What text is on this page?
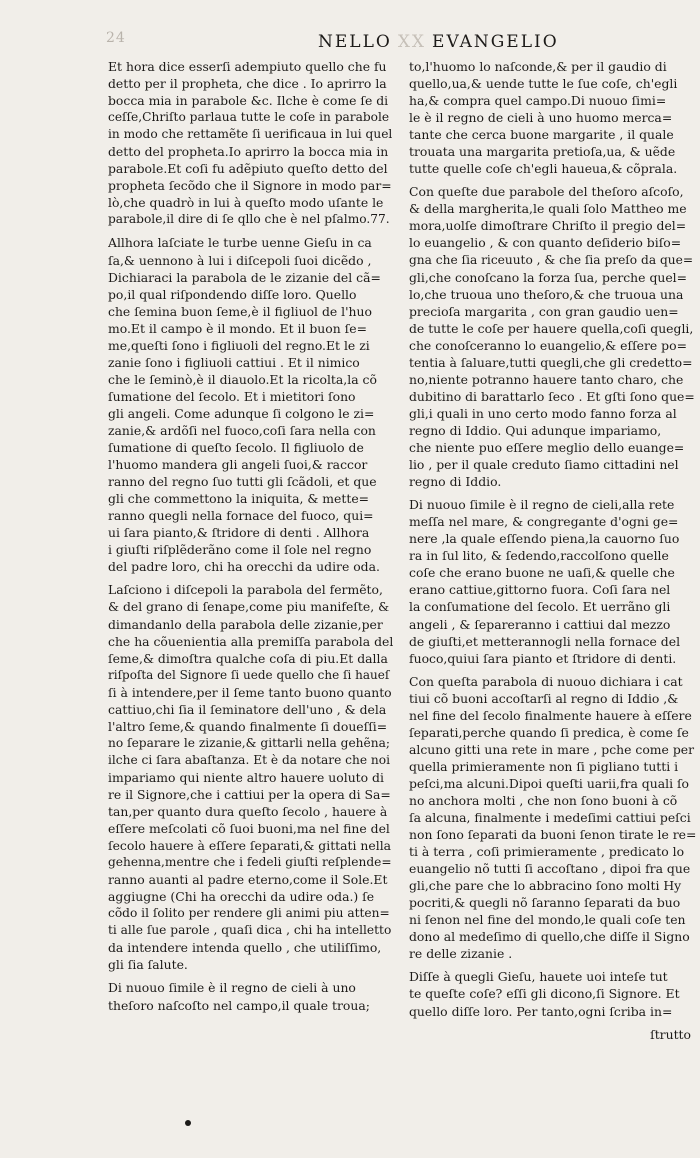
24	NELLO XX EVANGELIO
Et hora dice esserſi adempiuto quello che fu
detto per il propheta, che dice . Io aprirro la
bocca mia in parabole &c. Ilche è come ſe di
ceſſe,Chriſto parlaua tutte le coſe in parabole
in modo che rettamẽte ſi uerificaua in lui quel
detto del propheta.Io aprirro la bocca mia in
parabole.Et coſi fu adẽpiuto queſto detto del
propheta ſecõdo che il Signore in modo par=
lò,che quadrò in lui à queſto modo uſante le
parabole,il dire di ſe qllo che è nel pſalmo.77.
Allhora laſciate le turbe uenne Gieſu in ca
ſa,& uennono à lui i diſcepoli ſuoi dicẽdo ,
Dichiaraci la parabola de le zizanie del cã=
po,il qual riſpondendo diſſe loro. Quello
che ſemina buon ſeme,è il figliuol de l'huo
mo.Et il campo è il mondo. Et il buon ſe=
me,queſti ſono i figliuoli del regno.Et le zi
zanie ſono i figliuoli cattiui . Et il nimico
che le ſeminò,è il diauolo.Et la ricolta,la cõ
ſumatione del ſecolo. Et i mietitori ſono
gli angeli. Come adunque ſi colgono le zi=
zanie,& ardõſi nel fuoco,coſi ſara nella con
ſumatione di queſto ſecolo. Il figliuolo de
l'huomo mandera gli angeli ſuoi,& raccor
ranno del regno ſuo tutti gli ſcãdoli, et que
gli che commettono la iniquita, & mette=
ranno quegli nella fornace del fuoco, qui=
ui ſara pianto,& ſtridore di denti . Allhora
i giuſti riſplẽderãno come il ſole nel regno
del padre loro, chi ha orecchi da udire oda.
Laſciono i diſcepoli la parabola del fermẽto,
& del grano di ſenape,come piu manifeſte, &
dimandanlo della parabola delle zizanie,per
che ha cõuenientia alla premiſſa parabola del
ſeme,& dimoſtra qualche coſa di piu.Et dalla
riſpoſta del Signore ſi uede quello che ſi haueſ
ſi à intendere,per il ſeme tanto buono quanto
cattiuo,chi ſia il ſeminatore dell'uno , & dela
l'altro ſeme,& quando finalmente ſi doueſſi=
no ſeparare le zizanie,& gittarli nella gehẽna;
ilche ci ſara abaſtanza. Et è da notare che noi
impariamo qui niente altro hauere uoluto di
re il Signore,che i cattiui per la opera di Sa=
tan,per quanto dura queſto ſecolo , hauere à
eſſere meſcolati cõ ſuoi buoni,ma nel fine del
ſecolo hauere à eſſere ſeparati,& gittati nella
gehenna,mentre che i fedeli giuſti reſplende=
ranno auanti al padre eterno,come il Sole.Et
aggiugne (Chi ha orecchi da udire oda.) ſe
cõdo il ſolito per rendere gli animi piu atten=
ti alle ſue parole , quaſi dica , chi ha intelletto
da intendere intenda quello , che utiliſſimo,
gli ſia ſalute.
Di nuouo ſimile è il regno de cieli à uno
theſoro naſcoſto nel campo,il quale troua;
to,l'huomo lo naſconde,& per il gaudio di
quello,ua,& uende tutte le ſue coſe, ch'egli
ha,& compra quel campo.Di nuouo ſimi=
le è il regno de cieli à uno huomo merca=
tante che cerca buone margarite , il quale
trouata una margarita pretioſa,ua, & uẽde
tutte quelle coſe ch'egli haueua,& cõprala.
Con queſte due parabole del theſoro aſcoſo,
& della margherita,le quali ſolo Mattheo me
mora,uolſe dimoſtrare Chriſto il pregio del=
lo euangelio , & con quanto deſiderio biſo=
gna che ſia riceuuto , & che ſia preſo da que=
gli,che conoſcano la forza ſua, perche quel=
lo,che truoua uno theſoro,& che truoua una
precioſa margarita , con gran gaudio uen=
de tutte le coſe per hauere quella,coſi quegli,
che conoſceranno lo euangelio,& eſſere po=
tentia à ſaluare,tutti quegli,che gli credetto=
no,niente potranno hauere tanto charo, che
dubitino di barattarlo ſeco . Et gſti ſono que=
gli,i quali in uno certo modo fanno forza al
regno di Iddio. Qui adunque impariamo,
che niente puo eſſere meglio dello euange=
lio , per il quale creduto ſiamo cittadini nel
regno di Iddio.
Di nuouo ſimile è il regno de cieli,alla rete
meſſa nel mare, & congregante d'ogni ge=
nere ,la quale eſſendo piena,la cauorno ſuo
ra in ſul lito, & ſedendo,raccolſono quelle
coſe che erano buone ne uaſi,& quelle che
erano cattiue,gittorno fuora. Coſi ſara nel
la conſumatione del ſecolo. Et uerrãno gli
angeli , & ſepareranno i cattiui dal mezzo
de giuſti,et metterannogli nella fornace del
fuoco,quiui ſara pianto et ſtridore di denti.
Con queſta parabola di nuouo dichiara i cat
tiui cõ buoni accoſtarſi al regno di Iddio ,&
nel fine del ſecolo finalmente hauere à eſſere
ſeparati,perche quando ſi predica, è come ſe
alcuno gitti una rete in mare , pche come per
quella primieramente non ſi pigliano tutti i
peſci,ma alcuni.Dipoi queſti uarii,fra quali ſo
no anchora molti , che non ſono buoni à cõ
ſa alcuna, finalmente i medeſimi cattiui peſci
non ſono ſeparati da buoni ſenon tirate le re=
ti à terra , coſi primieramente , predicato lo
euangelio nõ tutti ſi accoſtano , dipoi fra que
gli,che pare che lo abbracino ſono molti Hy
pocriti,& quegli nõ ſaranno ſeparati da buo
ni ſenon nel fine del mondo,le quali coſe ten
dono al medeſimo di quello,che diſſe il Signo
re delle zizanie .
Diſſe à quegli Gieſu, hauete uoi inteſe tut
te queſte coſe? eſſi gli dicono,ſi Signore. Et
quello diſſe loro. Per tanto,ogni ſcriba in=
ſtrutto
